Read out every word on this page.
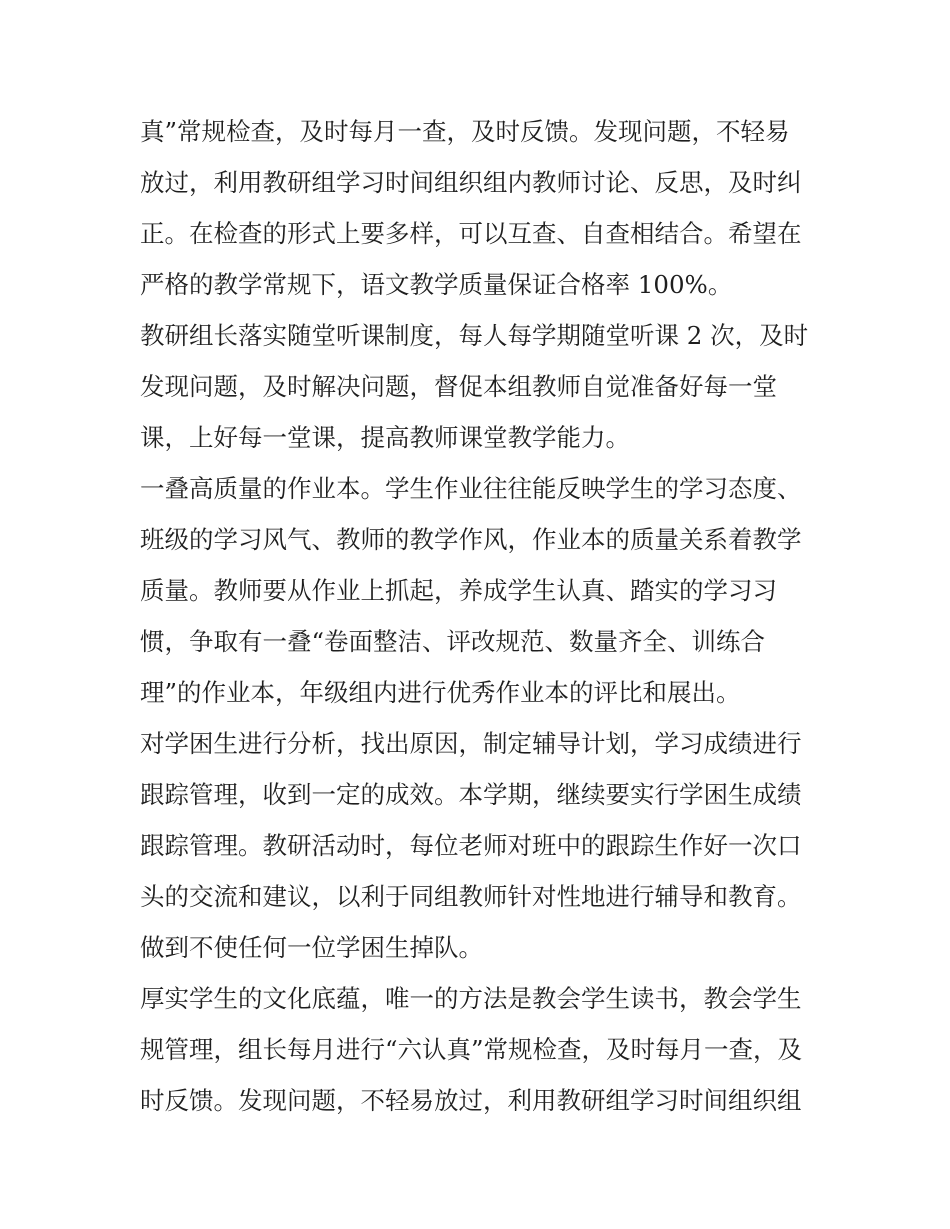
真”常规检查，及时每月一查，及时反馈。发现问题，不轻易
放过，利用教研组学习时间组织组内教师讨论、反思，及时纠
正。在检查的形式上要多样，可以互查、自查相结合。希望在
严格的教学常规下，语文教学质量保证合格率 100%。
教研组长落实随堂听课制度，每人每学期随堂听课 2 次，及时
发现问题，及时解决问题，督促本组教师自觉准备好每一堂
课，上好每一堂课，提高教师课堂教学能力。
一叠高质量的作业本。学生作业往往能反映学生的学习态度、
班级的学习风气、教师的教学作风，作业本的质量关系着教学
质量。教师要从作业上抓起，养成学生认真、踏实的学习习
惯，争取有一叠“卷面整洁、评改规范、数量齐全、训练合
理”的作业本，年级组内进行优秀作业本的评比和展出。
对学困生进行分析，找出原因，制定辅导计划，学习成绩进行
跟踪管理，收到一定的成效。本学期，继续要实行学困生成绩
跟踪管理。教研活动时，每位老师对班中的跟踪生作好一次口
头的交流和建议，以利于同组教师针对性地进行辅导和教育。
做到不使任何一位学困生掉队。
厚实学生的文化底蕴，唯一的方法是教会学生读书，教会学生
规管理，组长每月进行“六认真”常规检查，及时每月一查，及
时反馈。发现问题，不轻易放过，利用教研组学习时间组织组
